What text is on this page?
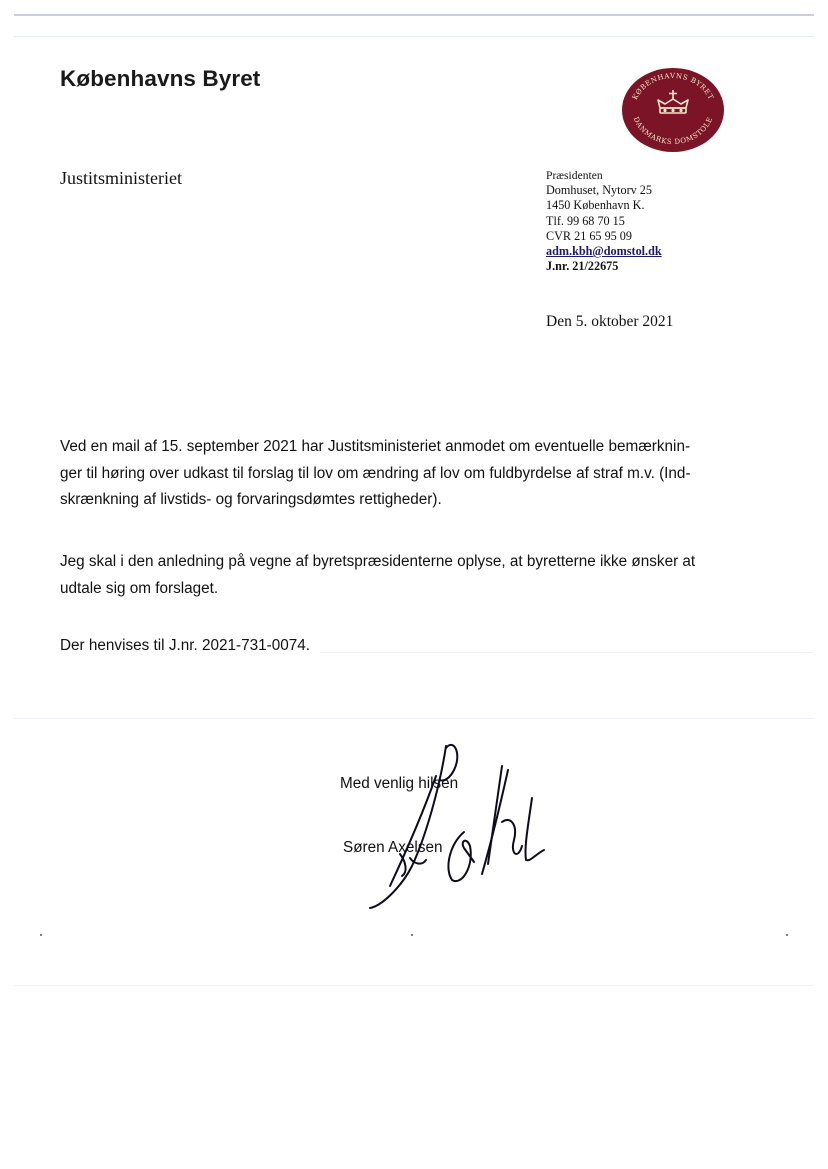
Københavns Byret
KØBENHAVNS BYRET
DANMARKS DOMSTOLE
Justitsministeriet	Præsidenten
Domhuset, Nytorv 25
1450 København K.
Tlf. 99 68 70 15
CVR 21 65 95 09
adm.kbh@domstol.dk
J.nr. 21/22675
Den 5. oktober 2021
Ved en mail af 15. september 2021 har Justitsministeriet anmodet om eventuelle bemærknin-
ger til høring over udkast til forslag til lov om ændring af lov om fuldbyrdelse af straf m.v. (Ind-
skrænkning af livstids- og forvaringsdømtes rettigheder).
Jeg skal i den anledning på vegne af byretspræsidenterne oplyse, at byretterne ikke ønsker at
udtale sig om forslaget.
Der henvises til J.nr. 2021-731-0074.
Med venlig hilsen
Søren Axelsen
